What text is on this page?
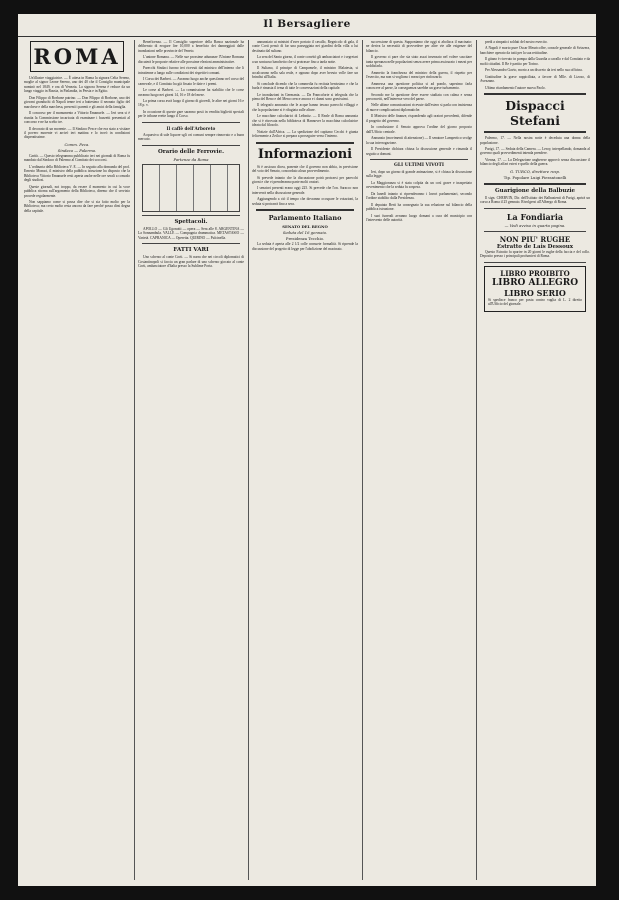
Il Bersagliere
ROMA

Un'illustre viaggiatrice. — È attesa in Roma la signora Celia Sereno, moglie al signor Leone Sereno, uno dei 40 che il Consiglio municipale nominò nel 1849, e ora dì Venezia. La signora Serena è reduce da un lungo viaggio in Russia, in Finlandia, in Persia e in Egitto.

Don Filippo di Borbone patrino. — Don Filippo di Borbone, uno dei giovani granduchi di Napoli tenne ieri a battesimo il neonato figlio del marchese e della marchesa, presenti i parenti e gli amici della famiglia.

Il concorso per il monumento a Vittorio Emanuele. — Ieri sera si è riunita la Commissione incaricata di esaminare i bozzetti presentati al concorso e ne ha scelto tre.

Il decorato di un morente. — Il Sindaco Pesce che era stato a visitare il povero morente vi arrivò ieri mattina e lo trovò in condizioni disperatissime.

Comm. Peca.
Sindaco — Palermo.

Carità. — Questo telegramma pubblicato ieri nei giornali di Roma fu mandato dal Sindaco di Palermo al Comitato dei soccorsi.

L'ordinaria della Biblioteca V. E. — In seguito alla domanda del prof. Ernesto Monaci, il ministro della pubblica istruzione ha disposto che la Biblioteca Vittorio Emanuele resti aperta anche nelle ore serali a comodo degli studiosi.

Queste giornali, noi troppo, da essere il momento in cui la voce pubblica ritorna sull'argomento della Biblioteca, diremo che il servizio procede regolarmente.

Non sappiamo come si possa dire che si sia fatto molto per la Biblioteca; ma certo molto resta ancora da fare perché possa dirsi degna della capitale.

Beneficenza. — Il Consiglio superiore della Banca nazionale ha deliberato di erogare lire 10,000 a beneficio dei danneggiati dalle inondazioni nelle provincie del Veneto.

L'unione Romana. — Nelle sue prossime adunanze l'Unione Romana discuterà le proposte relative alle prossime elezioni amministrative.

Parecchi Sindaci furono ieri ricevuti dal ministro dell'interno che li intrattenne a lungo sulle condizioni dei rispettivi comuni.

I Corsa dei Barberi. — Avranno luogo anche quest'anno nel corso del carnevale, e il Comitato ha già fissato le date e i premi.

Le corse al Barberi. — La commissione ha stabilito che le corse avranno luogo nei giorni 14, 16 e 18 del mese.

La prima corsa avrà luogo il giorno di giovedì, le altre nei giorni 16 e 18 p. v.

In occasione di queste gare saranno posti in vendita biglietti speciali per le tribune erette lungo il Corso.

Il caffè dell'Arboreto

Acquaviva di sale liquore sgli ori comuni sempre rinnovato e a buon mercato.

Orario delle Ferrovie.
Partenze da Roma
Spettacoli.

APOLLO — Gli Ugonotti — opera — Sera alle 8. ARGENTINA — La Sonnambula. VALLE — Compagnia drammatica. METASTASIO — Varietà. CAPRANICA — Operetta. QUIRINO — Pulcinella.

FATTI VARI

Uno scherzo al conte Corti. — Si narra che nei circoli diplomatici di Costantinopoli si faccia un gran parlare di uno scherzo giocato al conte Corti, ambasciatore d'Italia presso la Sublime Porta.

annunziato ai ministri d'aver portato il cavallo, Regnicolo di gala, il conte Corti pensò di far una passeggiata nei giardini della villa a lui destinata dal sultano.

La sera del Santo giorno, il conte convitò gli ambasciatori e i segretari a un sontuoso banchetto che si protrasse fino a tarda notte.

Il Sultano, il principe di Campomele, il ministro Malatesta, si accalcarono nella sala reale, e ognuno dopo aver bevuto volle fare un brindisi all'Italia.

Si conclude dicendo che la commedia fu recitata benissimo e che la burla è rimasta il tema di tutte le conversazioni della capitale.

Le inondazioni in Germania. — Da Francoforte si telegrafa che la piena del Reno e del Meno cresce ancora e i danni sono gravissimi.

Il telegrafo annunzia che le acque hanno invaso parecchi villaggi e che la popolazione si è rifugiata sulle alture.

Le macchine calcolatrici di Leibnitz. — Il Reale di Roma annunzia che si è ritrovata nella biblioteca di Hannover la macchina calcolatrice ideata dal filosofo.

Notizie dall'Africa. — La spedizione del capitano Cecchi è giunta felicemente a Zeila e si prepara a proseguire verso l'interno.

Informazioni

Si è assicura dicea, ponente che il governo non abbia, in previsione del voto del Senato, concordato alcun provvedimento.

Si prevede intanto che la discussione potrà protrarsi per parecchi giorni e che vi prenderanno parte molti oratori.

I senatori presenti erano oggi 225. Si prevede che l'on. Saracco non interverrà nella discussione generale.

Aggiungendo a ciò il tempo che dovranno occupare le votazioni, la seduta si protrarrà fino a sera.

Parlamento Italiano
SENATO DEL REGNO
Seduta del 16 gennaio.
Presidenza Tecchio.

La seduta è aperta alle 2 1/2 colle consuete formalità. Si riprende la discussione del progetto di legge per l'abolizione del macinato.

successione di questa. Supponiamo che oggi si abolisca il macinato: ne deriva la necessità di provvedere per altre vie alle esigenze del bilancio.

Il governo ci pare che sia stato assai insensato nel volere suscitare tanta speranza nelle popolazioni senza avere prima assicurato i mezzi per soddisfarla.

Ammetto la franchezza del ministro della guerra, il rispetto per l'esercito, ma non si vogliono i mezzi per rinforzarlo.

Ammessa una questione politica si ad pondo, sapesimo farla conoscere al paese, la conseguenza sarebbe un grave turbamento.

Secondo me la questione deve essere studiata con calma e senza preconcetti, nell'interesse vero del paese.

Nelle ultime comunicazioni ricevute dall'estero si parla con insistenza di nuove complicazioni diplomatiche.

Il Ministro delle finanze, rispondendo agli oratori precedenti, difende il progetto del governo.

In conclusione il Senato approva l'ordine del giorno proposto dall'Ufficio centrale.

Annunzio (movimenti di attenzione) — Il senatore Lampertico svolge la sua interrogazione.

Il Presidente dichiara chiusa la discussione generale e rimanda il seguito a domani.

GLI ULTIMI VIVOTI

Ieri, dopo un giorno di grande animazione, si è chiusa la discussione sulla legge.

La Maggioranza si è stata colpita da un così grave e inaspettato avvenimento che la seduta fu sospesa.

Da lunedì intanto si riprenderanno i lavori parlamentari, secondo l'ordine stabilito dalla Presidenza.

Il deputato Berti ha consegnato la sua relazione sul bilancio della pubblica istruzione.

I suoi funerali avranno luogo domani a cura del municipio con l'intervento delle autorità.

predi a simpatici soldati del nostro esercito.

A Napoli è morto pure Oscar Meuricoffre, console generale di Svizzera, banchiere operato da tutti per la sua rettitudine.

Il gitano è ricevuto in pompa dalla Guardia a cavallo e dal Comitato e da molti cittadini. Il Re è partito per Torino.

Per Alessandro Gavio, morto a un discreto da ieri nello sua officina.

Gratitudine la grave rappiciliata, a favore di Mlle. di Lizoso, di Avezzano.

Ultimo ritardamento l'autore nuova Paolo.

Dispacci Stefani

Palermo, 17. — Nella nostra notte è deceduta una donna della popolazione.

Parigi, 17. — Seduta della Camera. — Leroy, interpellando, domanda al governo quali provvedimenti intenda prendere.

Vienna, 17. — La Delegazione ungherese approvò senza discussione il bilancio degli affari esteri e quello della guerra.

G. TURCO, direttore resp.
Tip. Popolare Luigi Pierantonelli
Guarigione della Balbuzie

Il sign. CHERVIN, Dir. dell'Istituto dei Balbuzienti di Parigi, aprirà un corso a Roma il 25 gennaio. Rivolgersi all'Albergo di Roma.

La Fondiaria
— Vedi avviso in quarta pagina.
NON PIU' RUGHE
Estratto de Lais Dessoux

Questo Estratto fa sparire in 20 giorni le rughe della faccia e del collo. Deposito presso i principali profumieri di Roma.

LIBRO PROIBITO
LIBRO ALLEGRO
LIBRO SERIO

Si spedisce franco per posta contro vaglia di L. 2 diretto all'Ufficio del giornale.
